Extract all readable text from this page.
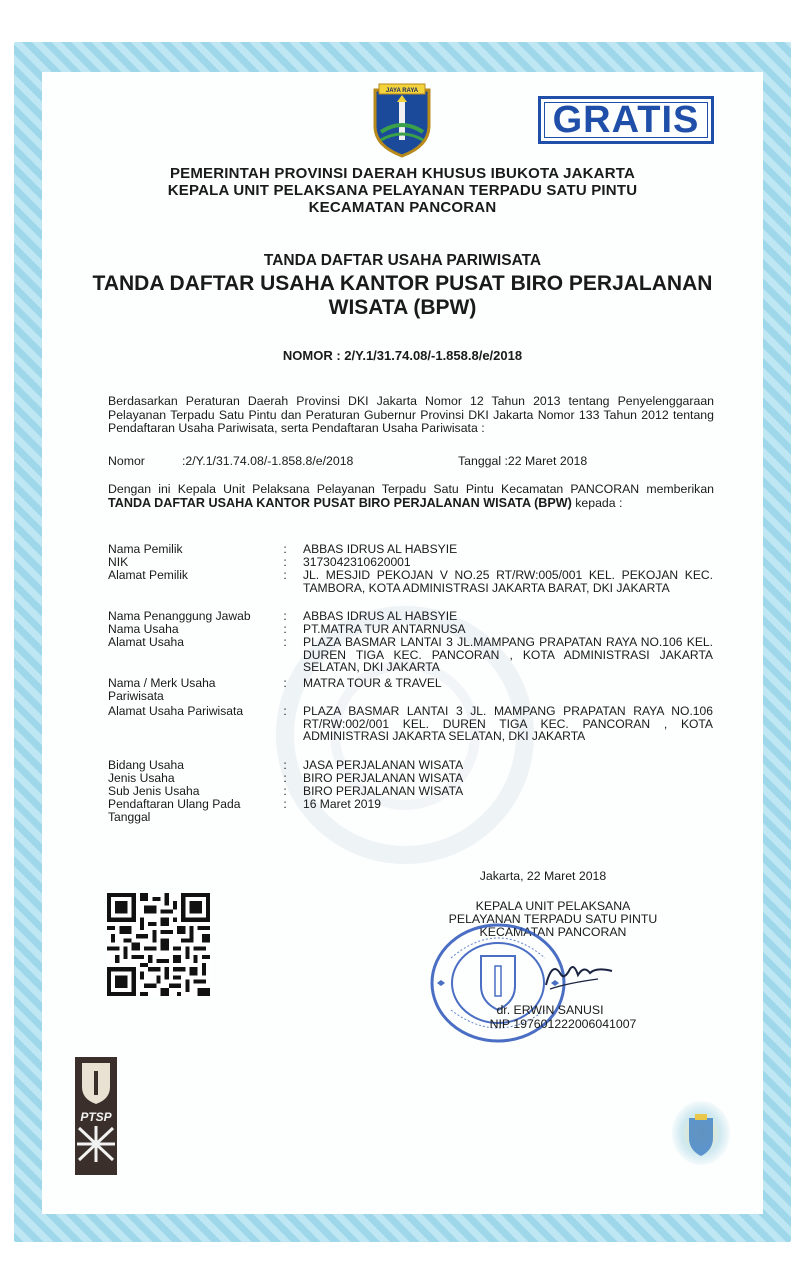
JAYA RAYA
GRATIS
PEMERINTAH PROVINSI DAERAH KHUSUS IBUKOTA JAKARTA
KEPALA UNIT PELAKSANA PELAYANAN TERPADU SATU PINTU
KECAMATAN PANCORAN
TANDA DAFTAR USAHA PARIWISATA
TANDA DAFTAR USAHA KANTOR PUSAT BIRO PERJALANAN
WISATA (BPW)
NOMOR : 2/Y.1/31.74.08/-1.858.8/e/2018
Berdasarkan Peraturan Daerah Provinsi DKI Jakarta Nomor 12 Tahun 2013 tentang Penyelenggaraan Pelayanan Terpadu Satu Pintu dan Peraturan Gubernur Provinsi DKI Jakarta Nomor 133 Tahun 2012 tentang Pendaftaran Usaha Pariwisata, serta Pendaftaran Usaha Pariwisata :
Nomor	:2/Y.1/31.74.08/-1.858.8/e/2018	Tanggal :22 Maret 2018
Dengan ini Kepala Unit Pelaksana Pelayanan Terpadu Satu Pintu Kecamatan PANCORAN memberikan TANDA DAFTAR USAHA KANTOR PUSAT BIRO PERJALANAN WISATA (BPW) kepada :
Nama Pemilik	: ABBAS IDRUS AL HABSYIE
NIK	: 3173042310620001
Alamat Pemilik	: JL. MESJID PEKOJAN V NO.25 RT/RW:005/001 KEL. PEKOJAN KEC. TAMBORA, KOTA ADMINISTRASI JAKARTA BARAT, DKI JAKARTA
Nama Penanggung Jawab	: ABBAS IDRUS AL HABSYIE
Nama Usaha	: PT.MATRA TUR ANTARNUSA
Alamat Usaha	: PLAZA BASMAR LANTAI 3 JL.MAMPANG PRAPATAN RAYA NO.106 KEL. DUREN TIGA KEC. PANCORAN , KOTA ADMINISTRASI JAKARTA SELATAN, DKI JAKARTA
Nama / Merk Usaha Pariwisata
: MATRA TOUR & TRAVEL
Alamat Usaha Pariwisata	: PLAZA BASMAR LANTAI 3 JL. MAMPANG PRAPATAN RAYA NO.106 RT/RW:002/001 KEL. DUREN TIGA KEC. PANCORAN , KOTA ADMINISTRASI JAKARTA SELATAN, DKI JAKARTA
Bidang Usaha	: JASA PERJALANAN WISATA
Jenis Usaha	: BIRO PERJALANAN WISATA
Sub Jenis Usaha	: BIRO PERJALANAN WISATA
Pendaftaran Ulang Pada Tanggal
: 16 Maret 2019
Jakarta, 22 Maret 2018
KEPALA UNIT PELAKSANA
PELAYANAN TERPADU SATU PINTU
KECAMATAN PANCORAN
dr. ERWIN SANUSI
NIP 197601222006041007
PTSP
